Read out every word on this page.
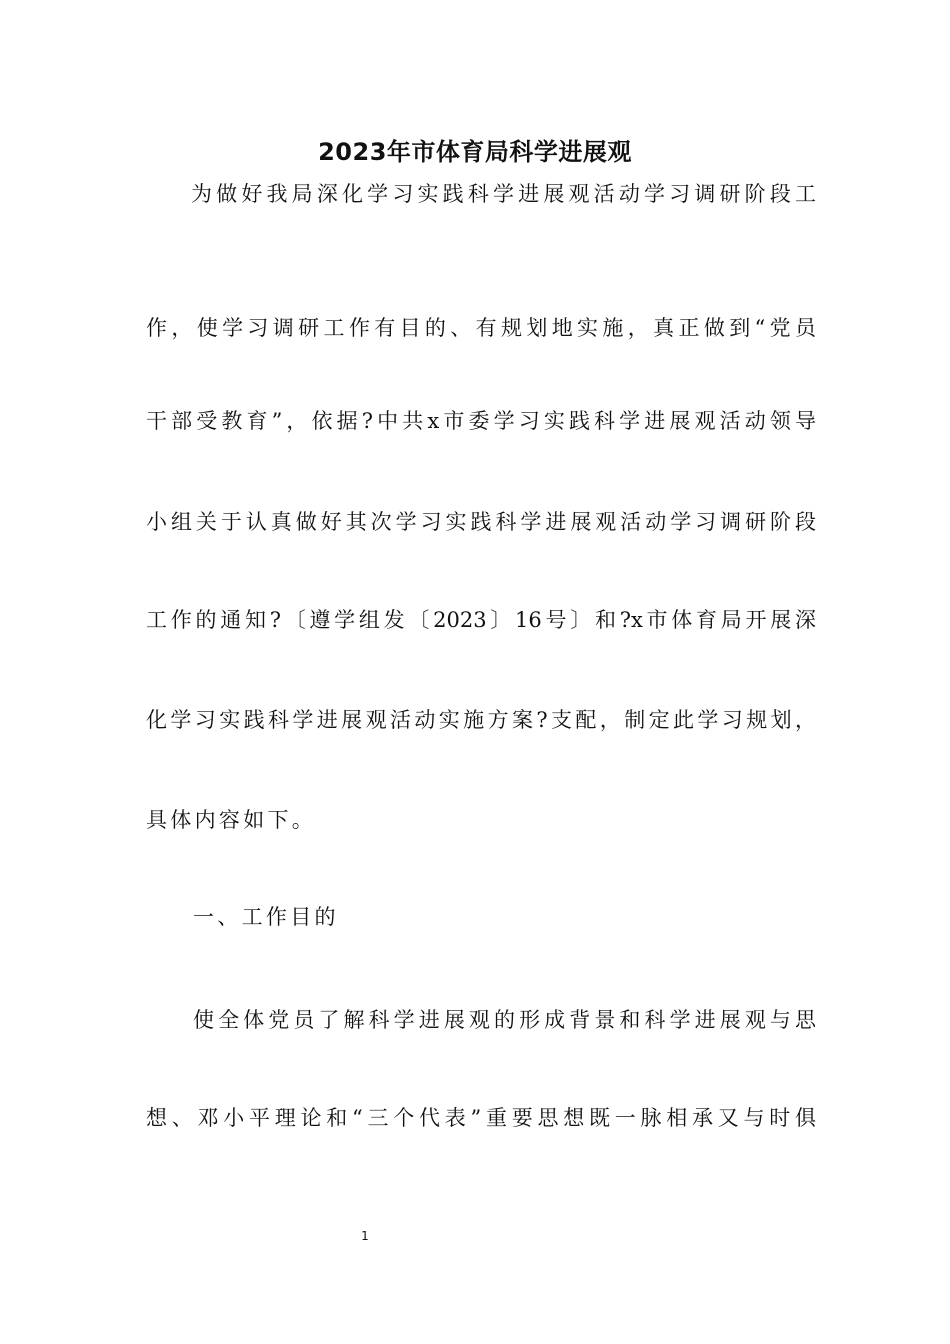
2023年市体育局科学进展观

为做好我局深化学习实践科学进展观活动学习调研阶段工

作，使学习调研工作有目的、有规划地实施，真正做到“党员

干部受教育”，依据?中共x市委学习实践科学进展观活动领导

小组关于认真做好其次学习实践科学进展观活动学习调研阶段

工作的通知?〔遵学组发〔2023〕16号〕和?x市体育局开展深

化学习实践科学进展观活动实施方案?支配，制定此学习规划，

具体内容如下。

一、工作目的

使全体党员了解科学进展观的形成背景和科学进展观与思

想、邓小平理论和“三个代表”重要思想既一脉相承又与时俱

1
